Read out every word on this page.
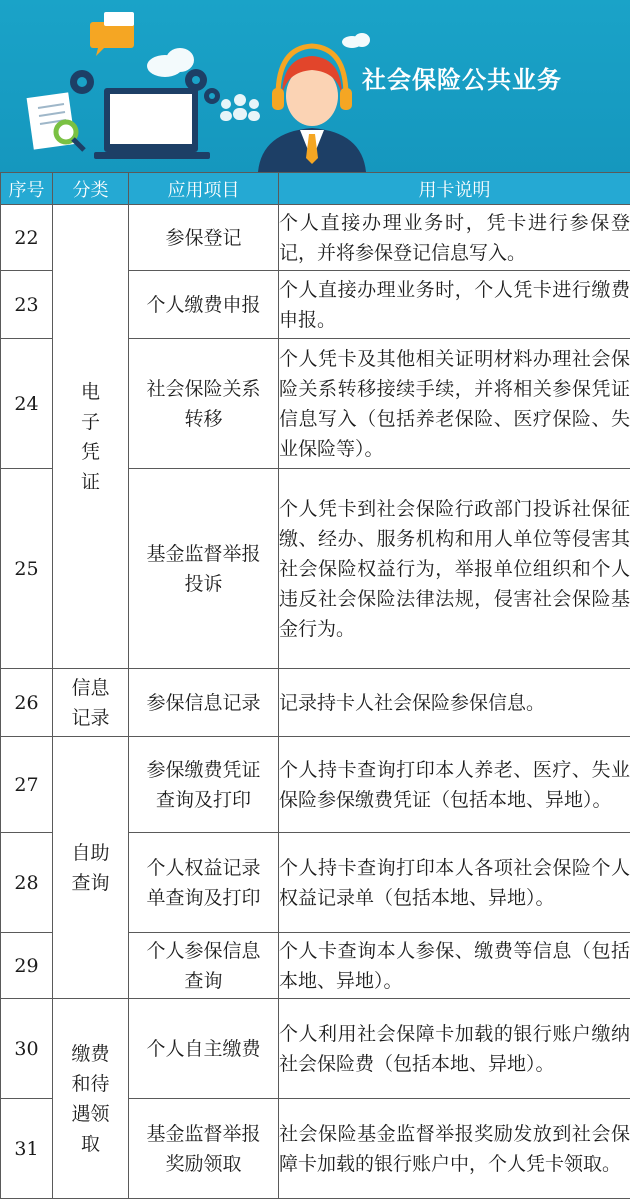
社会保险公共业务
序号	分类	应用项目	用卡说明
22	电子凭证	参保登记	个人直接办理业务时，凭卡进行参保登记，并将参保登记信息写入。
23		个人缴费申报	个人直接办理业务时，个人凭卡进行缴费申报。
24		社会保险关系转移	个人凭卡及其他相关证明材料办理社会保险关系转移接续手续，并将相关参保凭证信息写入（包括养老保险、医疗保险、失业保险等）。
25		基金监督举报投诉	个人凭卡到社会保险行政部门投诉社保征缴、经办、服务机构和用人单位等侵害其社会保险权益行为，举报单位组织和个人违反社会保险法律法规，侵害社会保险基金行为。
26	信息记录	参保信息记录	记录持卡人社会保险参保信息。
27	自助查询	参保缴费凭证查询及打印	个人持卡查询打印本人养老、医疗、失业保险参保缴费凭证（包括本地、异地）。
28		个人权益记录单查询及打印	个人持卡查询打印本人各项社会保险个人权益记录单（包括本地、异地）。
29		个人参保信息查询	个人卡查询本人参保、缴费等信息（包括本地、异地）。
30	缴费和待遇领取	个人自主缴费	个人利用社会保障卡加载的银行账户缴纳社会保险费（包括本地、异地）。
31		基金监督举报奖励领取	社会保险基金监督举报奖励发放到社会保障卡加载的银行账户中，个人凭卡领取。
